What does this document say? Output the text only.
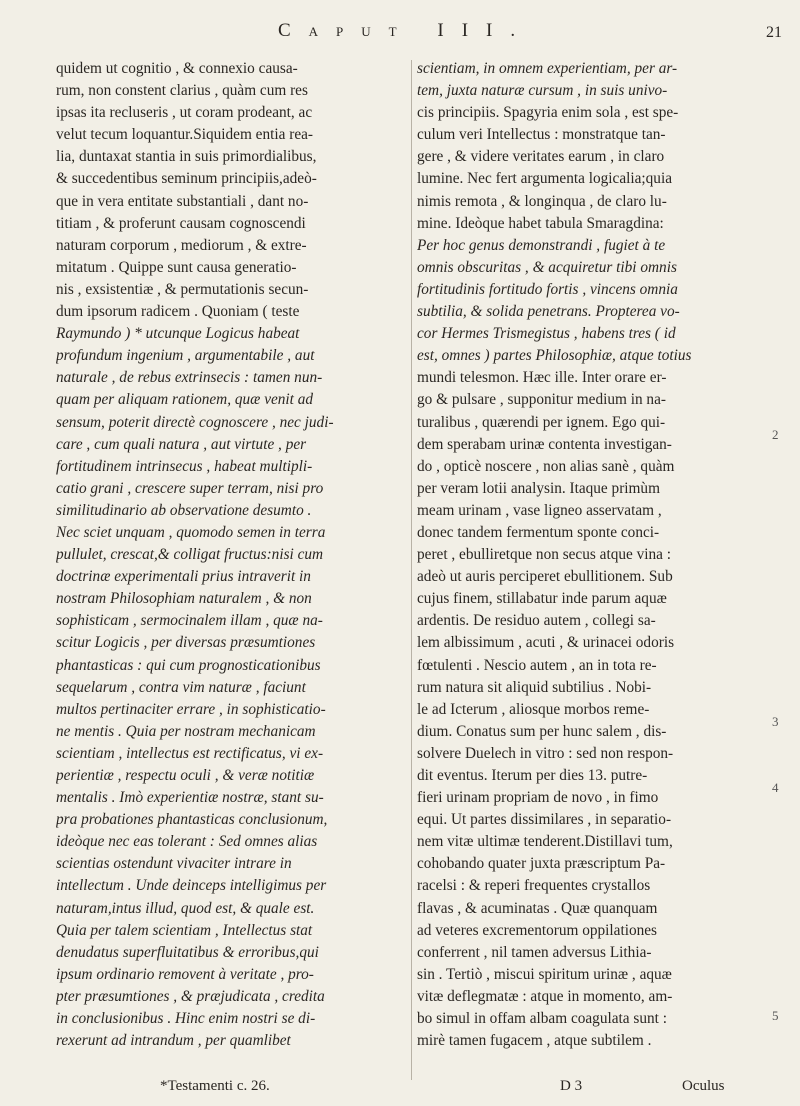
Caput III.	21
quidem ut cognitio , & connexio causa-
rum, non constent clarius , quàm cum res
ipsas ita recluseris , ut coram prodeant, ac
velut tecum loquantur.Siquidem entia rea-
lia, duntaxat stantia in suis primordialibus,
& succedentibus seminum principiis,adeò-
que in vera entitate substantiali , dant no-
titiam , & proferunt causam cognoscendi
naturam corporum , mediorum , & extre-
mitatum . Quippe sunt causa generatio-
nis , exsistentiæ , & permutationis secun-
dum ipsorum radicem . Quoniam ( teste
Raymundo ) * utcunque Logicus habeat
profundum ingenium , argumentabile , aut
naturale , de rebus extrinsecis : tamen nun-
quam per aliquam rationem, quæ venit ad
sensum, poterit directè cognoscere , nec judi-
care , cum quali natura , aut virtute , per
fortitudinem intrinsecus , habeat multipli-
catio grani , crescere super terram, nisi pro
similitudinario ab observatione desumto .
Nec sciet unquam , quomodo semen in terra
pullulet, crescat,& colligat fructus:nisi cum
doctrinæ experimentali prius intraverit in
nostram Philosophiam naturalem , & non
sophisticam , sermocinalem illam , quæ na-
scitur Logicis , per diversas præsumtiones
phantasticas : qui cum prognosticationibus
sequelarum , contra vim naturæ , faciunt
multos pertinaciter errare , in sophisticatio-
ne mentis . Quia per nostram mechanicam
scientiam , intellectus est rectificatus, vi ex-
perientiæ , respectu oculi , & veræ notitiæ
mentalis . Imò experientiæ nostræ, stant su-
pra probationes phantasticas conclusionum,
ideòque nec eas tolerant : Sed omnes alias
scientias ostendunt vivaciter intrare in
intellectum . Unde deinceps intelligimus per
naturam,intus illud, quod est, & quale est.
Quia per talem scientiam , Intellectus stat
denudatus superfluitatibus & erroribus,qui
ipsum ordinario removent à veritate , pro-
pter præsumtiones , & præjudicata , credita
in conclusionibus . Hinc enim nostri se di-
rexerunt ad intrandum , per quamlibet
scientiam, in omnem experientiam, per ar-
tem, juxta naturæ cursum , in suis univo-
cis principiis. Spagyria enim sola , est spe-
culum veri Intellectus : monstratque tan-
gere , & videre veritates earum , in claro
lumine. Nec fert argumenta logicalia;quia
nimis remota , & longinqua , de claro lu-
mine. Ideòque habet tabula Smaragdina:
Per hoc genus demonstrandi , fugiet à te
omnis obscuritas , & acquiretur tibi omnis
fortitudinis fortitudo fortis , vincens omnia
subtilia, & solida penetrans. Propterea vo-
cor Hermes Trismegistus , habens tres ( id
est, omnes ) partes Philosophiæ, atque totius
mundi telesmon. Hæc ille. Inter orare er-
go & pulsare , supponitur medium in na-
turalibus , quærendi per ignem. Ego qui-
dem sperabam urinæ contenta investigan-
do , opticè noscere , non alias sanè , quàm
per veram lotii analysin. Itaque primùm
meam urinam , vase ligneo asservatam ,
donec tandem fermentum sponte conci-
peret , ebulliretque non secus atque vina :
adeò ut auris perciperet ebullitionem. Sub
cujus finem, stillabatur inde parum aquæ
ardentis. De residuo autem , collegi sa-
lem albissimum , acuti , & urinacei odoris
fœtulenti . Nescio autem , an in tota re-
rum natura sit aliquid subtilius . Nobi-
le ad Icterum , aliosque morbos reme-
dium. Conatus sum per hunc salem , dis-
solvere Duelech in vitro : sed non respon-
dit eventus. Iterum per dies 13. putre-
fieri urinam propriam de novo , in fimo
equi. Ut partes dissimilares , in separatio-
nem vitæ ultimæ tenderent.Distillavi tum,
cohobando quater juxta præscriptum Pa-
racelsi : & reperi frequentes crystallos
flavas , & acuminatas . Quæ quanquam
ad veteres excrementorum oppilationes
conferrent , nil tamen adversus Lithia-
sin . Tertiò , miscui spiritum urinæ , aquæ
vitæ deflegmatæ : atque in momento, am-
bo simul in offam albam coagulata sunt :
mirè tamen fugacem , atque subtilem .
*Testamenti c. 26.	D 3	Oculus
2
3
4
5
